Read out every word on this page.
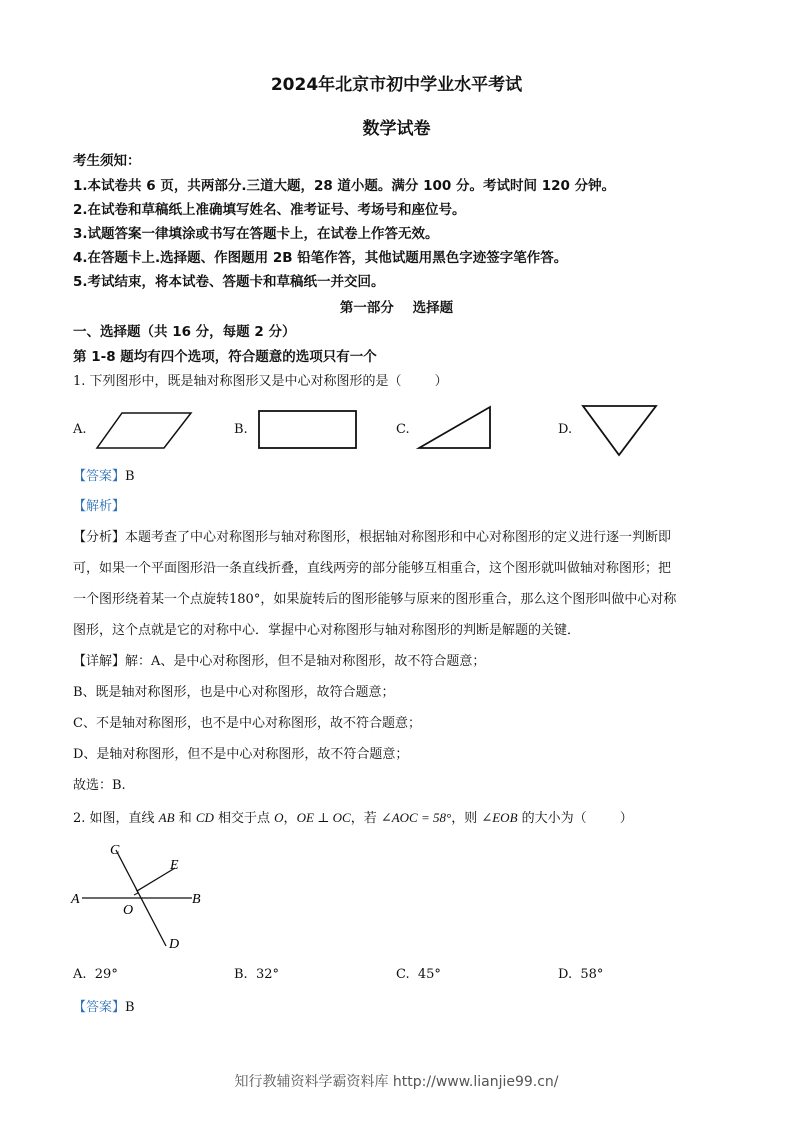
2024年北京市初中学业水平考试
数学试卷
考生须知：
1.本试卷共 6 页，共两部分.三道大题，28 道小题。满分 100 分。考试时间 120 分钟。
2.在试卷和草稿纸上准确填写姓名、准考证号、考场号和座位号。
3.试题答案一律填涂或书写在答题卡上，在试卷上作答无效。
4.在答题卡上.选择题、作图题用 2B 铅笔作答，其他试题用黑色字迹签字笔作答。
5.考试结束，将本试卷、答题卡和草稿纸一并交回。
第一部分    选择题
一、选择题（共 16 分，每题 2 分）
第 1-8 题均有四个选项，符合题意的选项只有一个
1. 下列图形中，既是轴对称图形又是中心对称图形的是（        ）
A.	B.	C.	D.
【答案】B
【解析】
【分析】本题考查了中心对称图形与轴对称图形，根据轴对称图形和中心对称图形的定义进行逐一判断即
可，如果一个平面图形沿一条直线折叠，直线两旁的部分能够互相重合，这个图形就叫做轴对称图形；把
一个图形绕着某一个点旋转180°，如果旋转后的图形能够与原来的图形重合，那么这个图形叫做中心对称
图形，这个点就是它的对称中心．掌握中心对称图形与轴对称图形的判断是解题的关键．
【详解】解：A、是中心对称图形，但不是轴对称图形，故不符合题意；
B、既是轴对称图形，也是中心对称图形，故符合题意；
C、不是轴对称图形，也不是中心对称图形，故不符合题意；
D、是轴对称图形，但不是中心对称图形，故不符合题意；
故选：B.
2. 如图，直线 AB 和 CD 相交于点 O，OE ⊥ OC，若 ∠AOC = 58°，则 ∠EOB 的大小为（        ）
C
E
A
O
B
D
A.  29°	B.  32°	C.  45°	D.  58°
【答案】B
知行教辅资料学霸资料库 http://www.lianjie99.cn/
